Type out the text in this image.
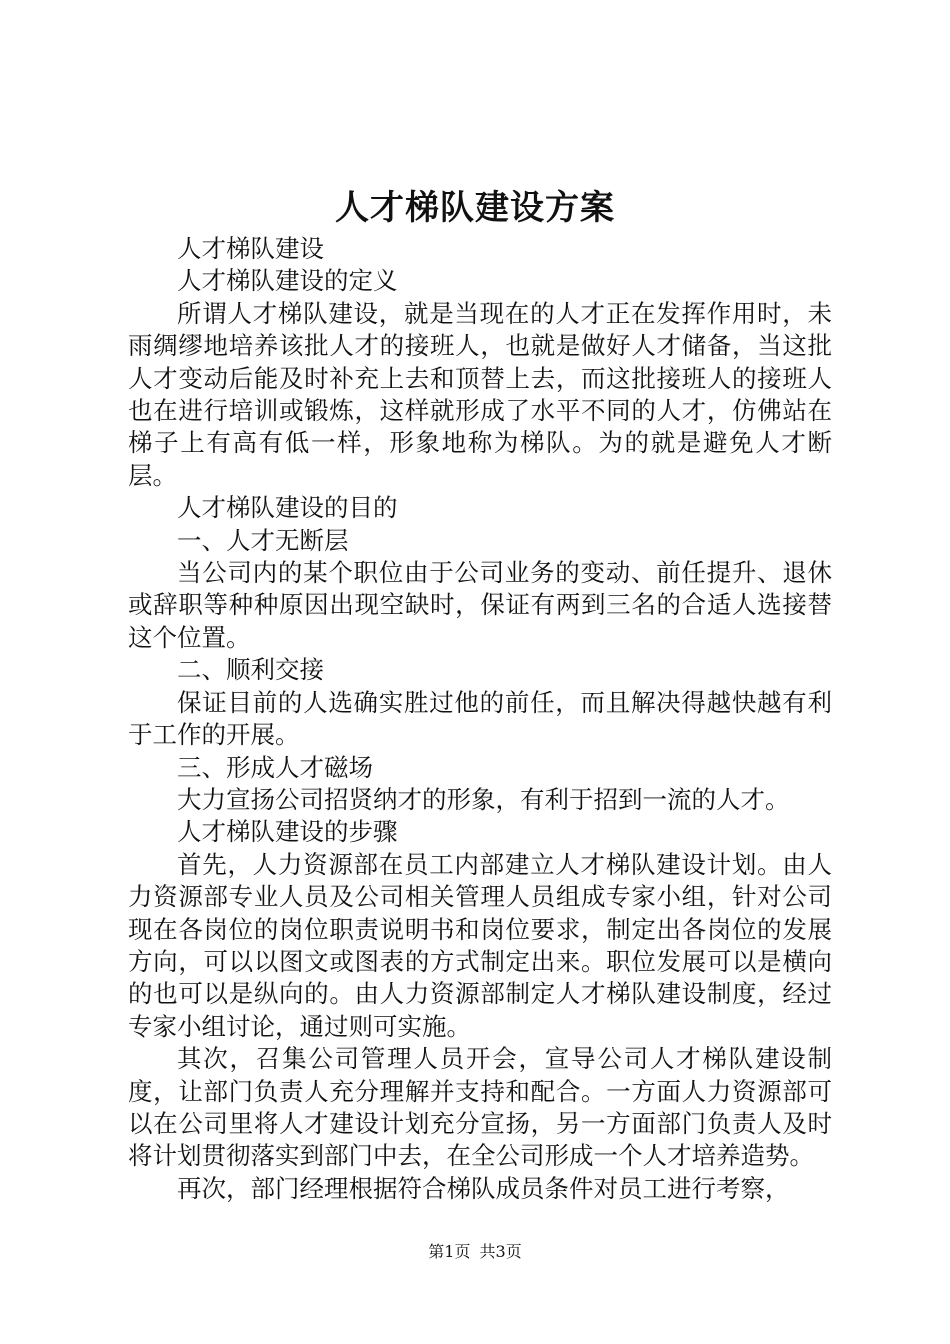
人才梯队建设方案

人才梯队建设

人才梯队建设的定义

所谓人才梯队建设，就是当现在的人才正在发挥作用时，未雨绸缪地培养该批人才的接班人，也就是做好人才储备，当这批人才变动后能及时补充上去和顶替上去，而这批接班人的接班人也在进行培训或锻炼，这样就形成了水平不同的人才，仿佛站在梯子上有高有低一样，形象地称为梯队。为的就是避免人才断层。

人才梯队建设的目的

一、人才无断层

当公司内的某个职位由于公司业务的变动、前任提升、退休或辞职等种种原因出现空缺时，保证有两到三名的合适人选接替这个位置。

二、顺利交接

保证目前的人选确实胜过他的前任，而且解决得越快越有利于工作的开展。

三、形成人才磁场

大力宣扬公司招贤纳才的形象，有利于招到一流的人才。

人才梯队建设的步骤

首先，人力资源部在员工内部建立人才梯队建设计划。由人力资源部专业人员及公司相关管理人员组成专家小组，针对公司现在各岗位的岗位职责说明书和岗位要求，制定出各岗位的发展方向，可以以图文或图表的方式制定出来。职位发展可以是横向的也可以是纵向的。由人力资源部制定人才梯队建设制度，经过专家小组讨论，通过则可实施。

其次，召集公司管理人员开会，宣导公司人才梯队建设制度，让部门负责人充分理解并支持和配合。一方面人力资源部可以在公司里将人才建设计划充分宣扬，另一方面部门负责人及时将计划贯彻落实到部门中去，在全公司形成一个人才培养造势。

再次，部门经理根据符合梯队成员条件对员工进行考察，

第1页 共3页
